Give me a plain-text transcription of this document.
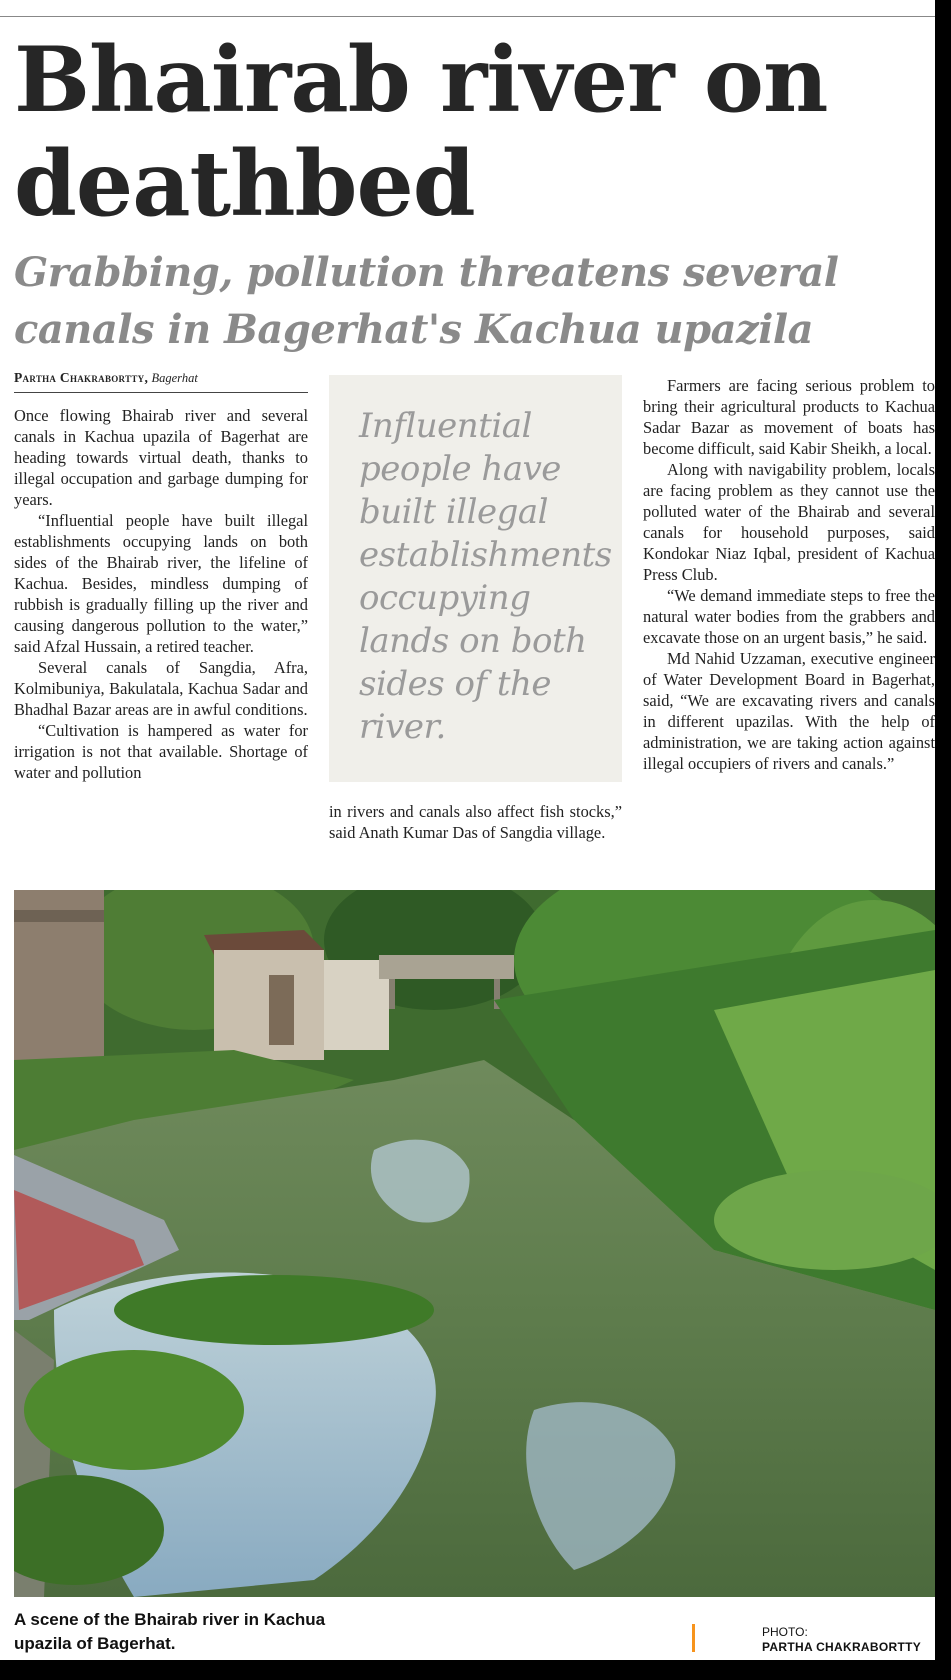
Bhairab river on deathbed
Grabbing, pollution threatens several canals in Bagerhat's Kachua upazila
Partha Chakrabortty, Bagerhat

Once flowing Bhairab river and several canals in Kachua upazila of Bagerhat are heading towards virtual death, thanks to illegal occupation and garbage dumping for years.

“Influential people have built illegal establishments occupying lands on both sides of the Bhairab river, the lifeline of Kachua. Besides, mindless dumping of rubbish is gradually filling up the river and causing dangerous pollution to the water,” said Afzal Hussain, a retired teacher.

Several canals of Sangdia, Afra, Kolmibuniya, Bakulatala, Kachua Sadar and Bhadhal Bazar areas are in awful conditions.

“Cultivation is hampered as water for irrigation is not that available. Shortage of water and pollution

Influential people have built illegal establishments occupying lands on both sides of the river.

in rivers and canals also affect fish stocks,” said Anath Kumar Das of Sangdia village.

Farmers are facing serious problem to bring their agricultural products to Kachua Sadar Bazar as movement of boats has become difficult, said Kabir Sheikh, a local.

Along with navigability problem, locals are facing problem as they cannot use the polluted water of the Bhairab and several canals for household purposes, said Kondokar Niaz Iqbal, president of Kachua Press Club.

“We demand immediate steps to free the natural water bodies from the grabbers and excavate those on an urgent basis,” he said.

Md Nahid Uzzaman, executive engineer of Water Development Board in Bagerhat, said, “We are excavating rivers and canals in different upazilas. With the help of administration, we are taking action against illegal occupiers of rivers and canals.”

A scene of the Bhairab river in Kachua upazila of Bagerhat.
PHOTO:
PARTHA CHAKRABORTTY
